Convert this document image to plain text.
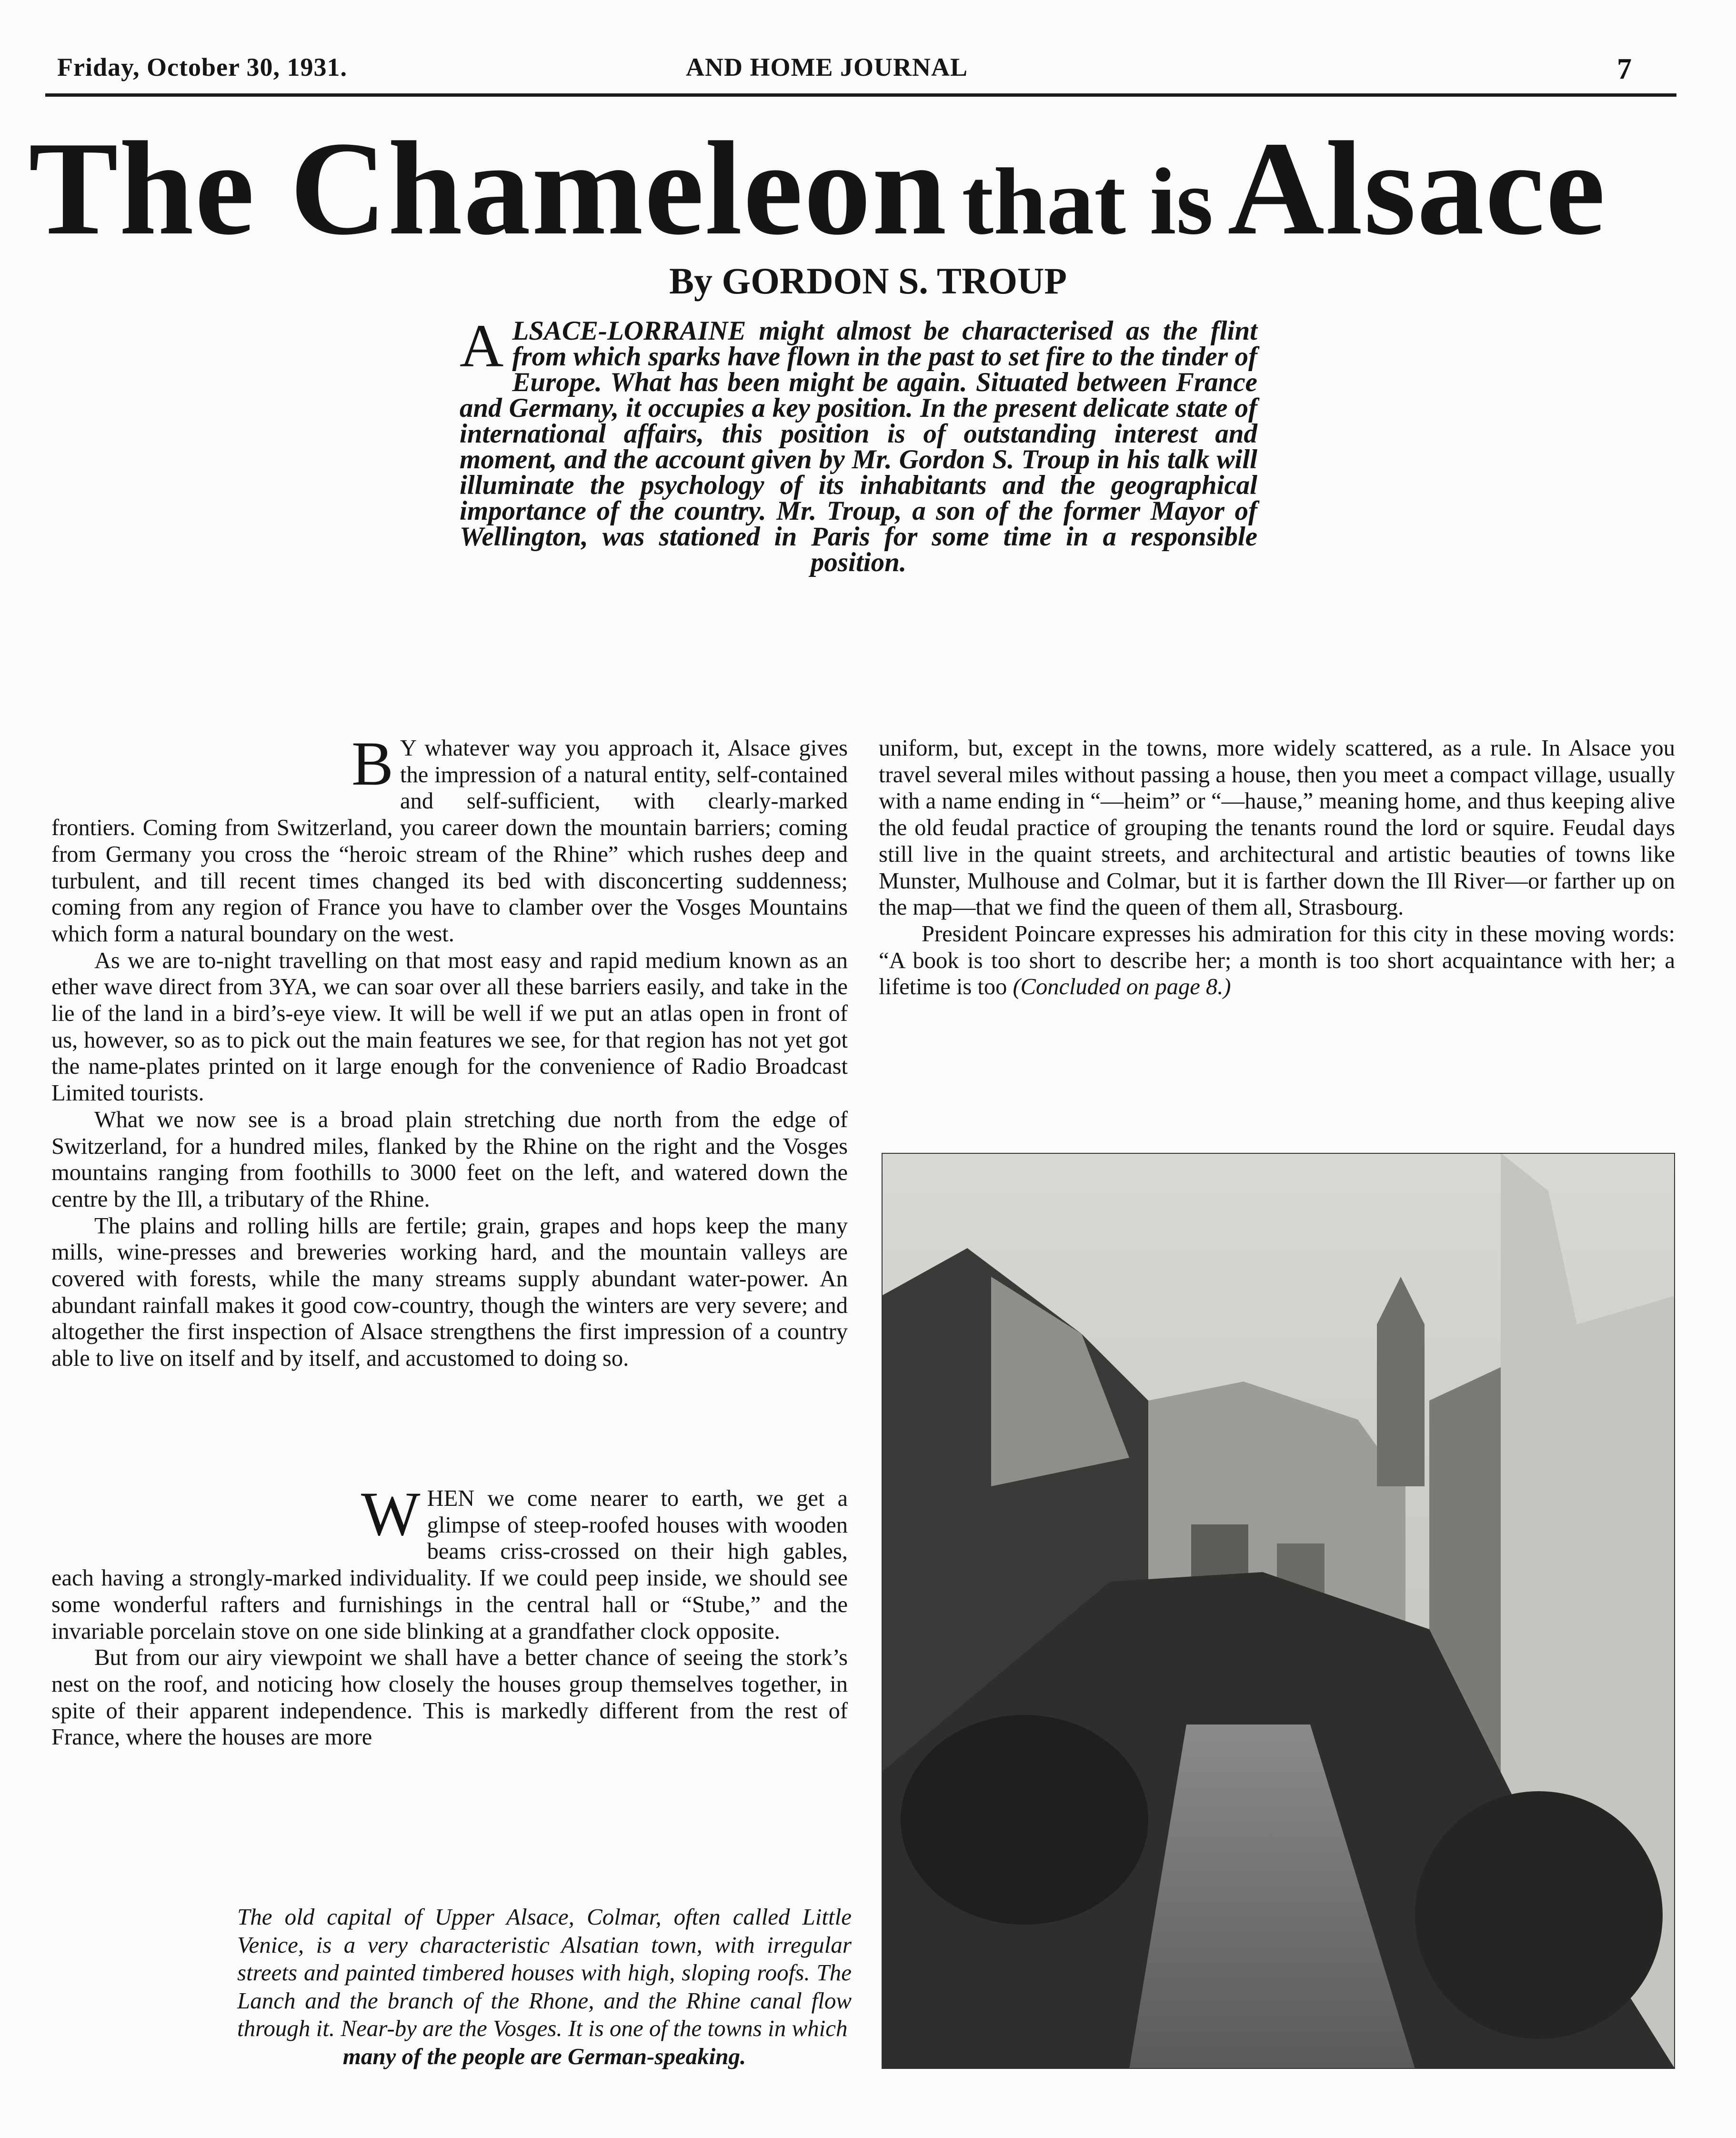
Friday, October 30, 1931.	AND HOME JOURNAL	7
The Chameleon that is Alsace
By GORDON S. TROUP
ALSACE-LORRAINE might almost be characterised as the flint from which sparks have flown in the past to set fire to the tinder of Europe. What has been might be again. Situated between France and Germany, it occupies a key position. In the present delicate state of international affairs, this position is of outstanding interest and moment, and the account given by Mr. Gordon S. Troup in his talk will illuminate the psychology of its inhabitants and the geographical importance of the country. Mr. Troup, a son of the former Mayor of Wellington, was stationed in Paris for some time in a responsible position.

B Y whatever way you approach it, Alsace gives the impression of a natural entity, self-contained and self-sufficient, with clearly-marked frontiers. Coming from Switzerland, you career down the mountain barriers; coming from Germany you cross the “heroic stream of the Rhine” which rushes deep and turbulent, and till recent times changed its bed with disconcerting suddenness; coming from any region of France you have to clamber over the Vosges Mountains which form a natural boundary on the west.

As we are to-night travelling on that most easy and rapid medium known as an ether wave direct from 3YA, we can soar over all these barriers easily, and take in the lie of the land in a bird’s-eye view. It will be well if we put an atlas open in front of us, however, so as to pick out the main features we see, for that region has not yet got the name-plates printed on it large enough for the convenience of Radio Broadcast Limited tourists.

What we now see is a broad plain stretching due north from the edge of Switzerland, for a hundred miles, flanked by the Rhine on the right and the Vosges mountains ranging from foothills to 3000 feet on the left, and watered down the centre by the Ill, a tributary of the Rhine.

The plains and rolling hills are fertile; grain, grapes and hops keep the many mills, wine-presses and breweries working hard, and the mountain valleys are covered with forests, while the many streams supply abundant water-power. An abundant rainfall makes it good cow-country, though the winters are very severe; and altogether the first inspection of Alsace strengthens the first impression of a country able to live on itself and by itself, and accustomed to doing so.

WHEN we come nearer to earth, we get a glimpse of steep-roofed houses with wooden beams criss-crossed on their high gables, each having a strongly-marked individuality. If we could peep inside, we should see some wonderful rafters and furnishings in the central hall or “Stube,” and the invariable porcelain stove on one side blinking at a grandfather clock opposite.

But from our airy viewpoint we shall have a better chance of seeing the stork’s nest on the roof, and noticing how closely the houses group themselves together, in spite of their apparent independence. This is markedly different from the rest of France, where the houses are more

uniform, but, except in the towns, more widely scattered, as a rule. In Alsace you travel several miles without passing a house, then you meet a compact village, usually with a name ending in “—heim” or “—hause,” meaning home, and thus keeping alive the old feudal practice of grouping the tenants round the lord or squire. Feudal days still live in the quaint streets, and architectural and artistic beauties of towns like Munster, Mulhouse and Colmar, but it is farther down the Ill River—or farther up on the map—that we find the queen of them all, Strasbourg.

President Poincare expresses his admiration for this city in these moving words: “A book is too short to describe her; a month is too short acquaintance with her; a lifetime is too (Concluded on page 8.)

The old capital of Upper Alsace, Colmar, often called Little Venice, is a very characteristic Alsatian town, with irregular streets and painted timbered houses with high, sloping roofs. The Lanch and the branch of the Rhone, and the Rhine canal flow through it. Near-by are the Vosges. It is one of the towns in which
many of the people are German-speaking.
